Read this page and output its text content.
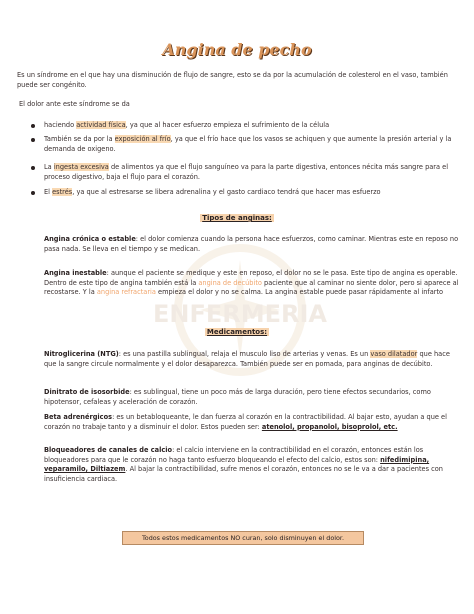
ENFERMERIA
Angina de pecho

Es un síndrome en el que hay una disminución de flujo de sangre, esto se da por la acumulación de colesterol en el vaso, también puede ser congénito.

El dolor ante este síndrome se da

haciendo actividad física, ya que al hacer esfuerzo empieza el sufrimiento de la célula

También se da por la exposición al frío, ya que el frío hace que los vasos se achiquen y que aumente la presión arterial y la demanda de oxigeno.

La ingesta excesiva de alimentos ya que el flujo sanguíneo va para la parte digestiva, entonces nécita más sangre para el proceso digestivo, baja el flujo para el corazón.

El estrés, ya que al estresarse se libera adrenalina y el gasto cardiaco tendrá que hacer mas esfuerzo

Tipos de anginas:

Angina crónica o estable: el dolor comienza cuando la persona hace esfuerzos, como caminar. Mientras este en reposo no pasa nada. Se lleva en el tiempo y se medican.

Angina inestable: aunque el paciente se medique y este en reposo, el dolor no se le pasa. Este tipo de angina es operable. Dentro de este tipo de angina también está la angina de decúbito paciente que al caminar no siente dolor, pero si aparece al recostarse. Y la angina refractaria empieza el dolor y no se calma. La angina estable puede pasar rápidamente al infarto

Medicamentos:

Nitroglicerina (NTG): es una pastilla sublingual, relaja el musculo liso de arterias y venas. Es un vaso dilatador que hace que la sangre circule normalmente y el dolor desaparezca. También puede ser en pomada, para anginas de decúbito.

Dinitrato de isosorbide: es sublingual, tiene un poco más de larga duración, pero tiene efectos secundarios, como hipotensor, cefaleas y aceleración de corazón.

Beta adrenérgicos: es un betabloqueante, le dan fuerza al corazón en la contractibilidad. Al bajar esto, ayudan a que el corazón no trabaje tanto y a disminuir el dolor. Estos pueden ser: atenolol, propanolol, bisoprolol, etc.

Bloqueadores de canales de calcio: el calcio interviene en la contractibilidad en el corazón, entonces están los bloqueadores para que le corazón no haga tanto esfuerzo bloqueando el efecto del calcio, estos son: nifedimipina, veparamilo, Diltiazem. Al bajar la contractibilidad, sufre menos el corazón, entonces no se le va a dar a pacientes con insuficiencia cardiaca.

Todos estos medicamentos NO curan, solo disminuyen el dolor.
